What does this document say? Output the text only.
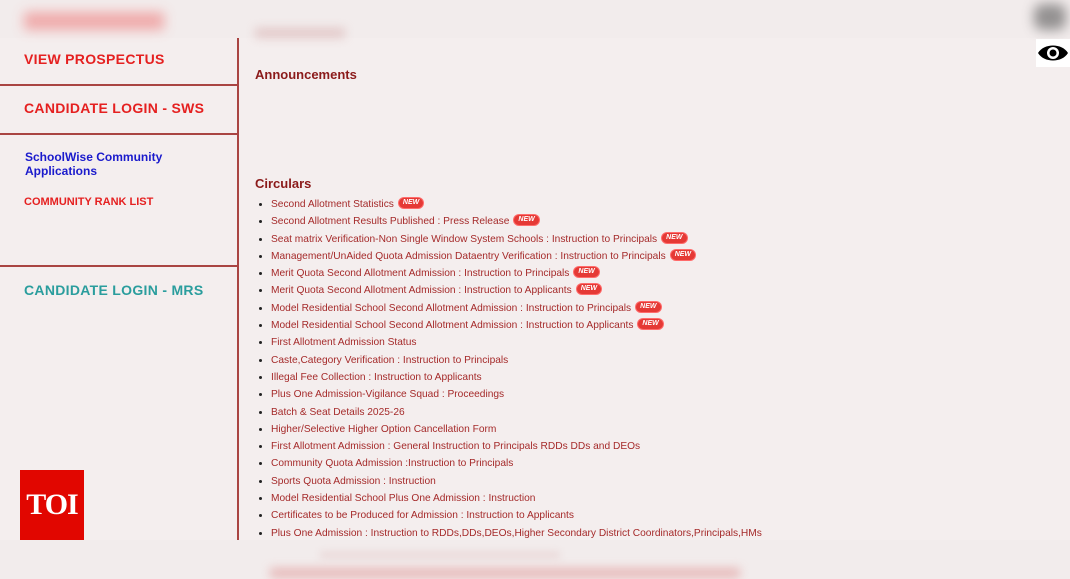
VIEW PROSPECTUS
CANDIDATE LOGIN - SWS
SchoolWise Community Applications
COMMUNITY RANK LIST
CANDIDATE LOGIN - MRS
Announcements
Circulars
• Second Allotment Statistics NEW
• Second Allotment Results Published : Press Release NEW
• Seat matrix Verification-Non Single Window System Schools : Instruction to Principals NEW
• Management/UnAided Quota Admission Dataentry Verification : Instruction to Principals NEW
• Merit Quota Second Allotment Admission : Instruction to Principals NEW
• Merit Quota Second Allotment Admission : Instruction to Applicants NEW
• Model Residential School Second Allotment Admission : Instruction to Principals NEW
• Model Residential School Second Allotment Admission : Instruction to Applicants NEW
• First Allotment Admission Status
• Caste,Category Verification : Instruction to Principals
• Illegal Fee Collection : Instruction to Applicants
• Plus One Admission-Vigilance Squad : Proceedings
• Batch & Seat Details 2025-26
• Higher/Selective Higher Option Cancellation Form
• First Allotment Admission : General Instruction to Principals RDDs DDs and DEOs
• Community Quota Admission :Instruction to Principals
• Sports Quota Admission : Instruction
• Model Residential School Plus One Admission : Instruction
• Certificates to be Produced for Admission : Instruction to Applicants
• Plus One Admission : Instruction to RDDs,DDs,DEOs,Higher Secondary District Coordinators,Principals,HMs
TOI
